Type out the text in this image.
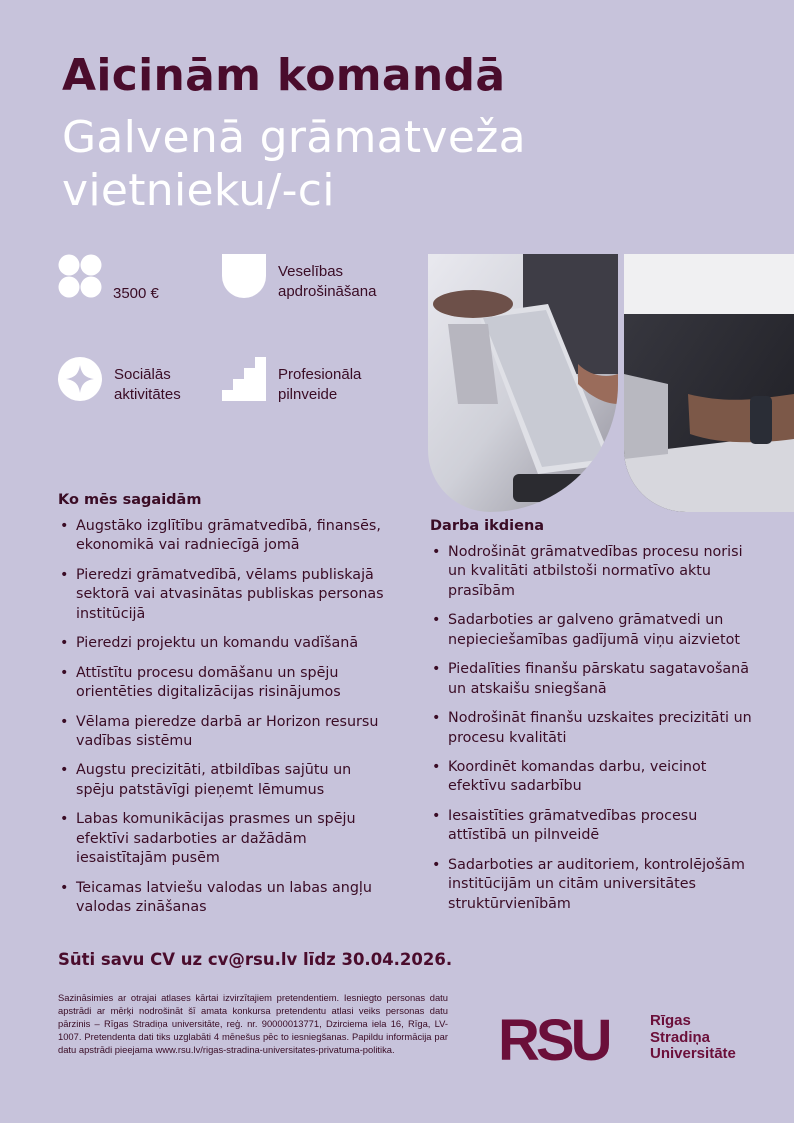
Aicinām komandā
Galvenā grāmatveža vietnieku/-ci
3500 €
Veselības apdrošināšana
Sociālās aktivitātes
Profesionāla pilnveide
Ko mēs sagaidām
• Augstāko izglītību grāmatvedībā, finansēs, ekonomikā vai radniecīgā jomā
• Pieredzi grāmatvedībā, vēlams publiskajā sektorā vai atvasinātas publiskas personas institūcijā
• Pieredzi projektu un komandu vadīšanā
• Attīstītu procesu domāšanu un spēju orientēties digitalizācijas risinājumos
• Vēlama pieredze darbā ar Horizon resursu vadības sistēmu
• Augstu precizitāti, atbildības sajūtu un spēju patstāvīgi pieņemt lēmumus
• Labas komunikācijas prasmes un spēju efektīvi sadarboties ar dažādām iesaistītajām pusēm
• Teicamas latviešu valodas un labas angļu valodas zināšanas
Darba ikdiena
• Nodrošināt grāmatvedības procesu norisi un kvalitāti atbilstoši normatīvo aktu prasībām
• Sadarboties ar galveno grāmatvedi un nepieciešamības gadījumā viņu aizvietot
• Piedalīties finanšu pārskatu sagatavošanā un atskaišu sniegšanā
• Nodrošināt finanšu uzskaites precizitāti un procesu kvalitāti
• Koordinēt komandas darbu, veicinot efektīvu sadarbību
• Iesaistīties grāmatvedības procesu attīstībā un pilnveidē
• Sadarboties ar auditoriem, kontrolējošām institūcijām un citām universitātes struktūrvienībām
Sūti savu CV uz cv@rsu.lv līdz 30.04.2026.
Sazināsimies ar otrajai atlases kārtai izvirzītajiem pretendentiem. Iesniegto personas datu apstrādi ar mērķi nodrošināt šī amata konkursa pretendentu atlasi veiks personas datu pārzinis – Rīgas Stradiņa universitāte, reģ. nr. 90000013771, Dzirciema iela 16, Rīga, LV-1007. Pretendenta dati tiks uzglabāti 4 mēnešus pēc to iesniegšanas. Papildu informācija par datu apstrādi pieejama www.rsu.lv/rigas-stradina-universitates-privatuma-politika.	RSU	Rīgas
Stradiņa
Universitāte
